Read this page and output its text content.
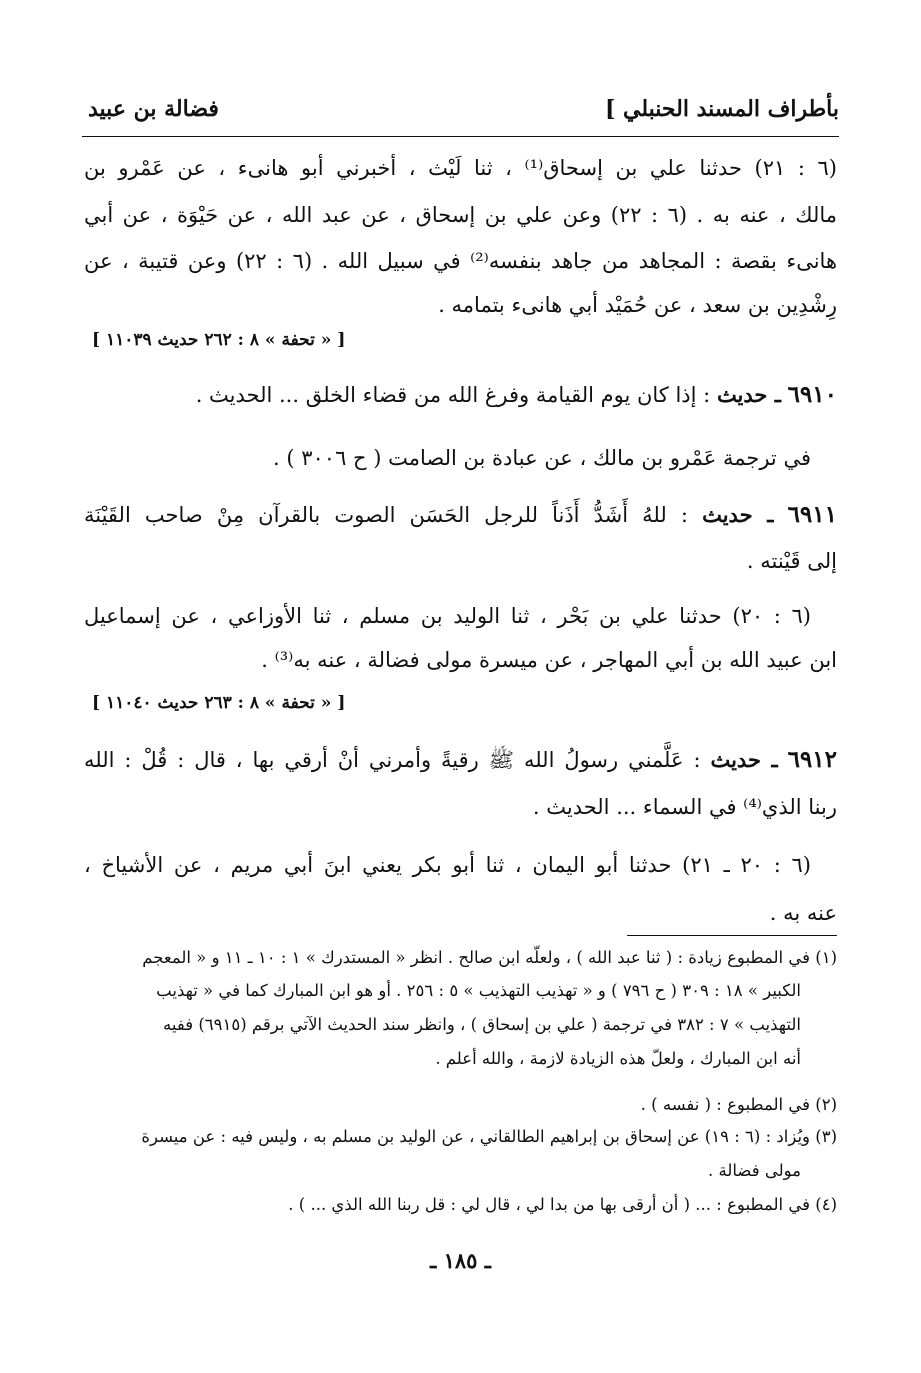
بأطراف المسند الحنبلي ]
فضالة بن عبيد
(٦ : ٢١) حدثنا علي بن إسحاق⁽¹⁾ ، ثنا لَيْث ، أخبرني أبو هانىء ، عن عَمْرو بن
مالك ، عنه به . (٦ : ٢٢) وعن علي بن إسحاق ، عن عبد الله ، عن حَيْوَة ، عن أبي
هانىء بقصة : المجاهد من جاهد بنفسه⁽²⁾ في سبيل الله . (٦ : ٢٢) وعن قتيبة ، عن
رِشْدِين بن سعد ، عن حُمَيْد أبي هانىء بتمامه .
[ « تحفة » ٨ : ٢٦٢ حديث ١١٠٣٩ ]
٦٩١٠ ـ حديث : إذا كان يوم القيامة وفرغ الله من قضاء الخلق ... الحديث .
في ترجمة عَمْرو بن مالك ، عن عبادة بن الصامت ( ح ٣٠٠٦ ) .
٦٩١١ ـ حديث : للهُ أَشَدُّ أَذَناً للرجل الحَسَن الصوت بالقرآن مِنْ صاحب القَيْنَة
إلى قَيْنته .
(٦ : ٢٠) حدثنا علي بن بَحْر ، ثنا الوليد بن مسلم ، ثنا الأوزاعي ، عن إسماعيل
ابن عبيد الله بن أبي المهاجر ، عن ميسرة مولى فضالة ، عنه به⁽³⁾ .
[ « تحفة » ٨ : ٢٦٣ حديث ١١٠٤٠ ]
٦٩١٢ ـ حديث : عَلَّمني رسولُ الله ﷺ رقيةً وأمرني أنْ أرقي بها ، قال : قُلْ : الله
ربنا الذي⁽⁴⁾ في السماء ... الحديث .
(٦ : ٢٠ ـ ٢١) حدثنا أبو اليمان ، ثنا أبو بكر يعني ابنَ أبي مريم ، عن الأشياخ ،
عنه به .
(١) في المطبوع زيادة : ( ثنا عبد الله ) ، ولعلّه ابن صالح . انظر « المستدرك » ١ : ١٠ ـ ١١ و « المعجم
الكبير » ١٨ : ٣٠٩ ( ح ٧٩٦ ) و « تهذيب التهذيب » ٥ : ٢٥٦ . أو هو ابن المبارك كما في « تهذيب
التهذيب » ٧ : ٣٨٢ في ترجمة ( علي بن إسحاق ) ، وانظر سند الحديث الآتي برقم (٦٩١٥) ففيه
أنه ابن المبارك ، ولعلّ هذه الزيادة لازمة ، والله أعلم .
(٢) في المطبوع : ( نفسه ) .
(٣) ويُزاد : (٦ : ١٩) عن إسحاق بن إبراهيم الطالقاني ، عن الوليد بن مسلم به ، وليس فيه : عن ميسرة
مولى فضالة .
(٤) في المطبوع : ... ( أن أرقى بها من بدا لي ، قال لي : قل ربنا الله الذي ... ) .
ـ ١٨٥ ـ
